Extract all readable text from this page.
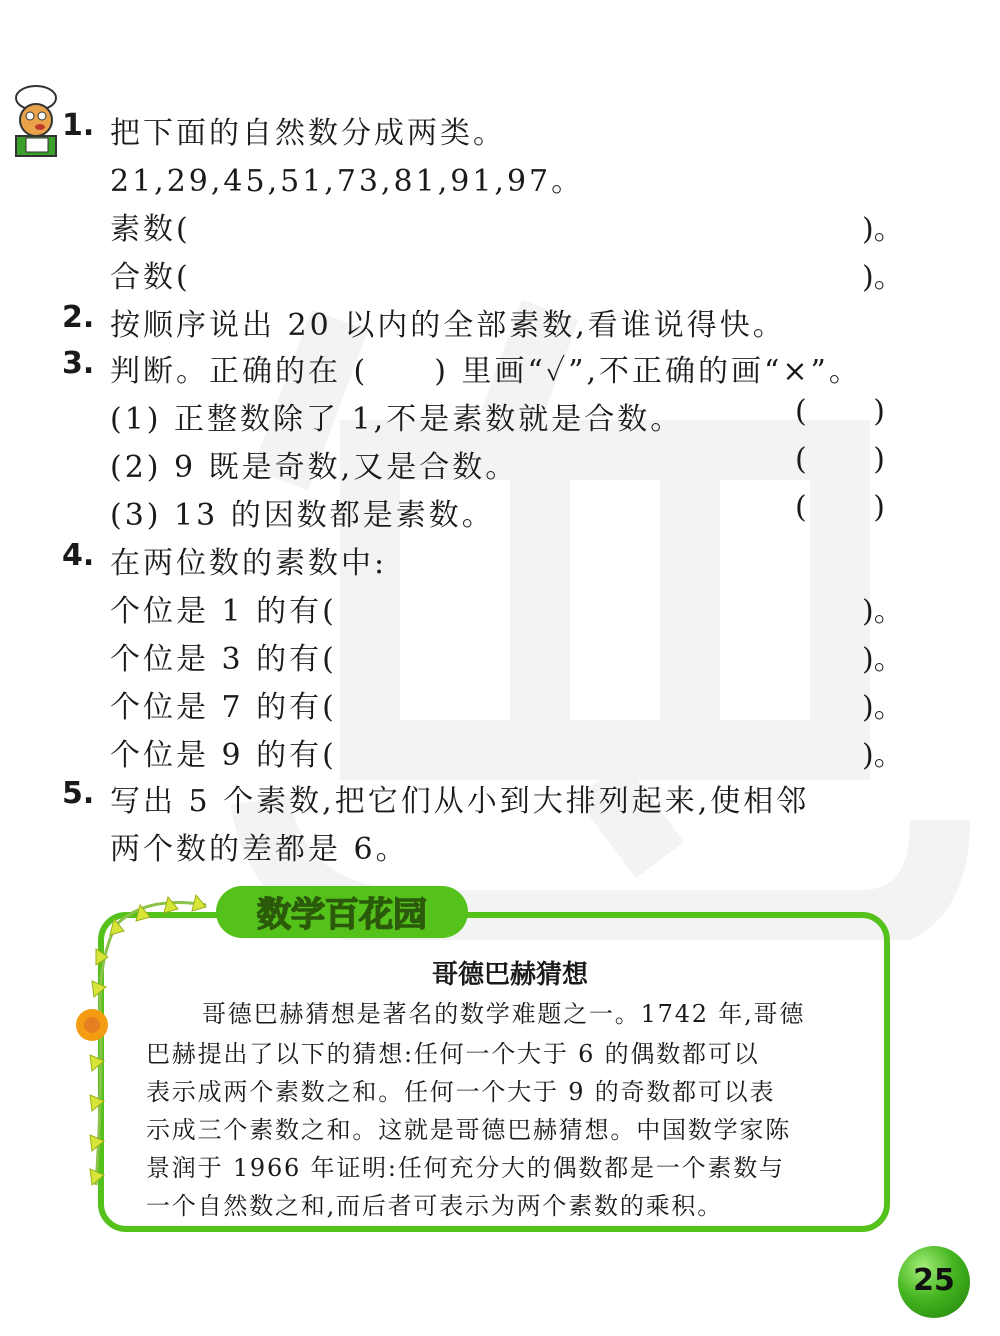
1. 把下面的自然数分成两类。
21,29,45,51,73,81,91,97。
素数(	)。
合数(	)。
2. 按顺序说出 20 以内的全部素数,看谁说得快。
3. 判断。正确的在 (　　) 里画“✓”,不正确的画“×”。
(1) 正整数除了 1,不是素数就是合数。	( )
(2) 9 既是奇数,又是合数。	( )
(3) 13 的因数都是素数。	( )
4. 在两位数的素数中:
个位是 1 的有(	)。
个位是 3 的有(	)。
个位是 7 的有(	)。
个位是 9 的有(	)。
5. 写出 5 个素数,把它们从小到大排列起来,使相邻
两个数的差都是 6。
数学百花园
哥德巴赫猜想
哥德巴赫猜想是著名的数学难题之一。1742 年,哥德
巴赫提出了以下的猜想:任何一个大于 6 的偶数都可以
表示成两个素数之和。任何一个大于 9 的奇数都可以表
示成三个素数之和。这就是哥德巴赫猜想。中国数学家陈
景润于 1966 年证明:任何充分大的偶数都是一个素数与
一个自然数之和,而后者可表示为两个素数的乘积。
25
